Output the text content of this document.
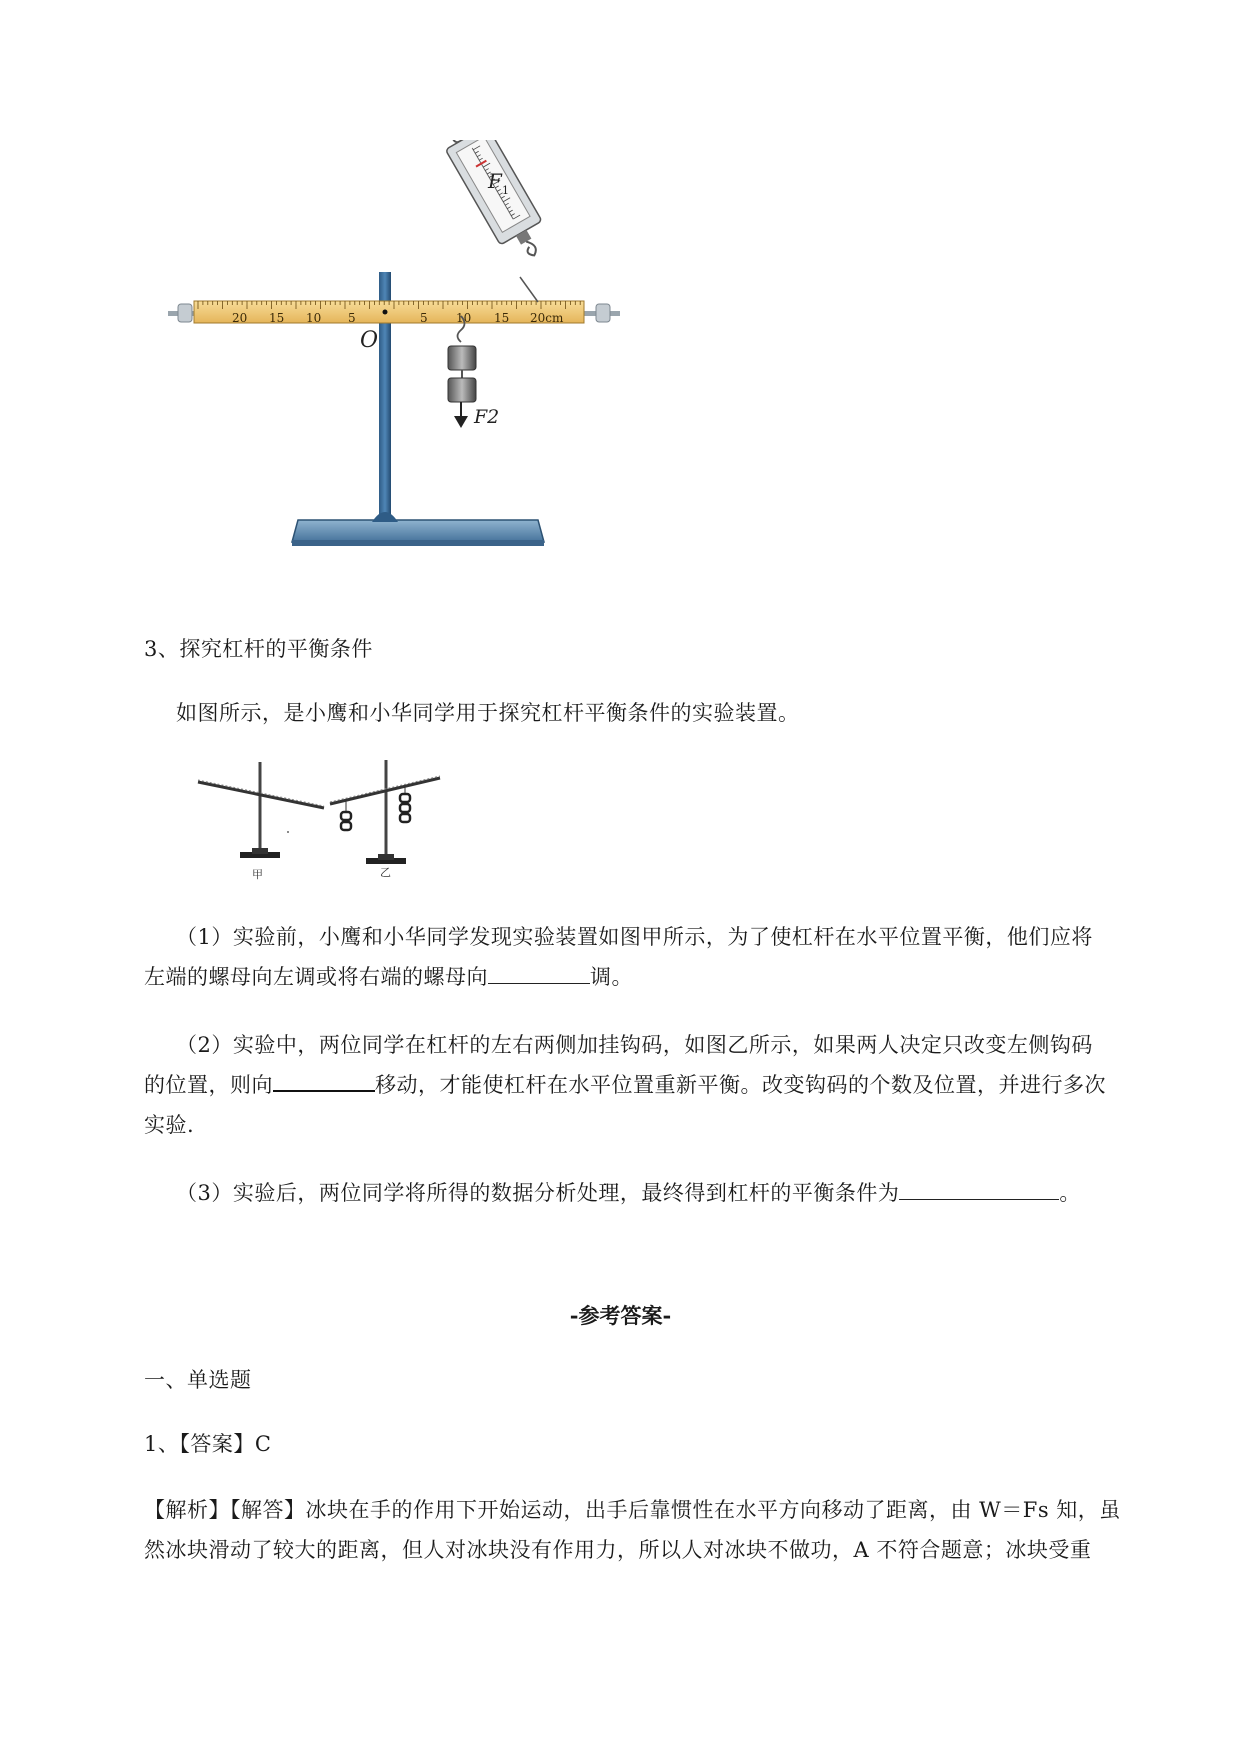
20 15 10 5	5 10 15 20cm
O
F 1
F2
3、探究杠杆的平衡条件
如图所示，是小鹰和小华同学用于探究杠杆平衡条件的实验装置。
甲	乙
（1）实验前，小鹰和小华同学发现实验装置如图甲所示，为了使杠杆在水平位置平衡，他们应将
左端的螺母向左调或将右端的螺母向	调。
（2）实验中，两位同学在杠杆的左右两侧加挂钩码，如图乙所示，如果两人决定只改变左侧钩码
的位置，则向	移动，才能使杠杆在水平位置重新平衡。改变钩码的个数及位置，并进行多次
实验.
（3）实验后，两位同学将所得的数据分析处理，最终得到杠杆的平衡条件为	。
-参考答案-
一、单选题
1、【答案】C
【解析】【解答】冰块在手的作用下开始运动，出手后靠惯性在水平方向移动了距离，由 W＝Fs 知，虽
然冰块滑动了较大的距离，但人对冰块没有作用力，所以人对冰块不做功，A 不符合题意；冰块受重
